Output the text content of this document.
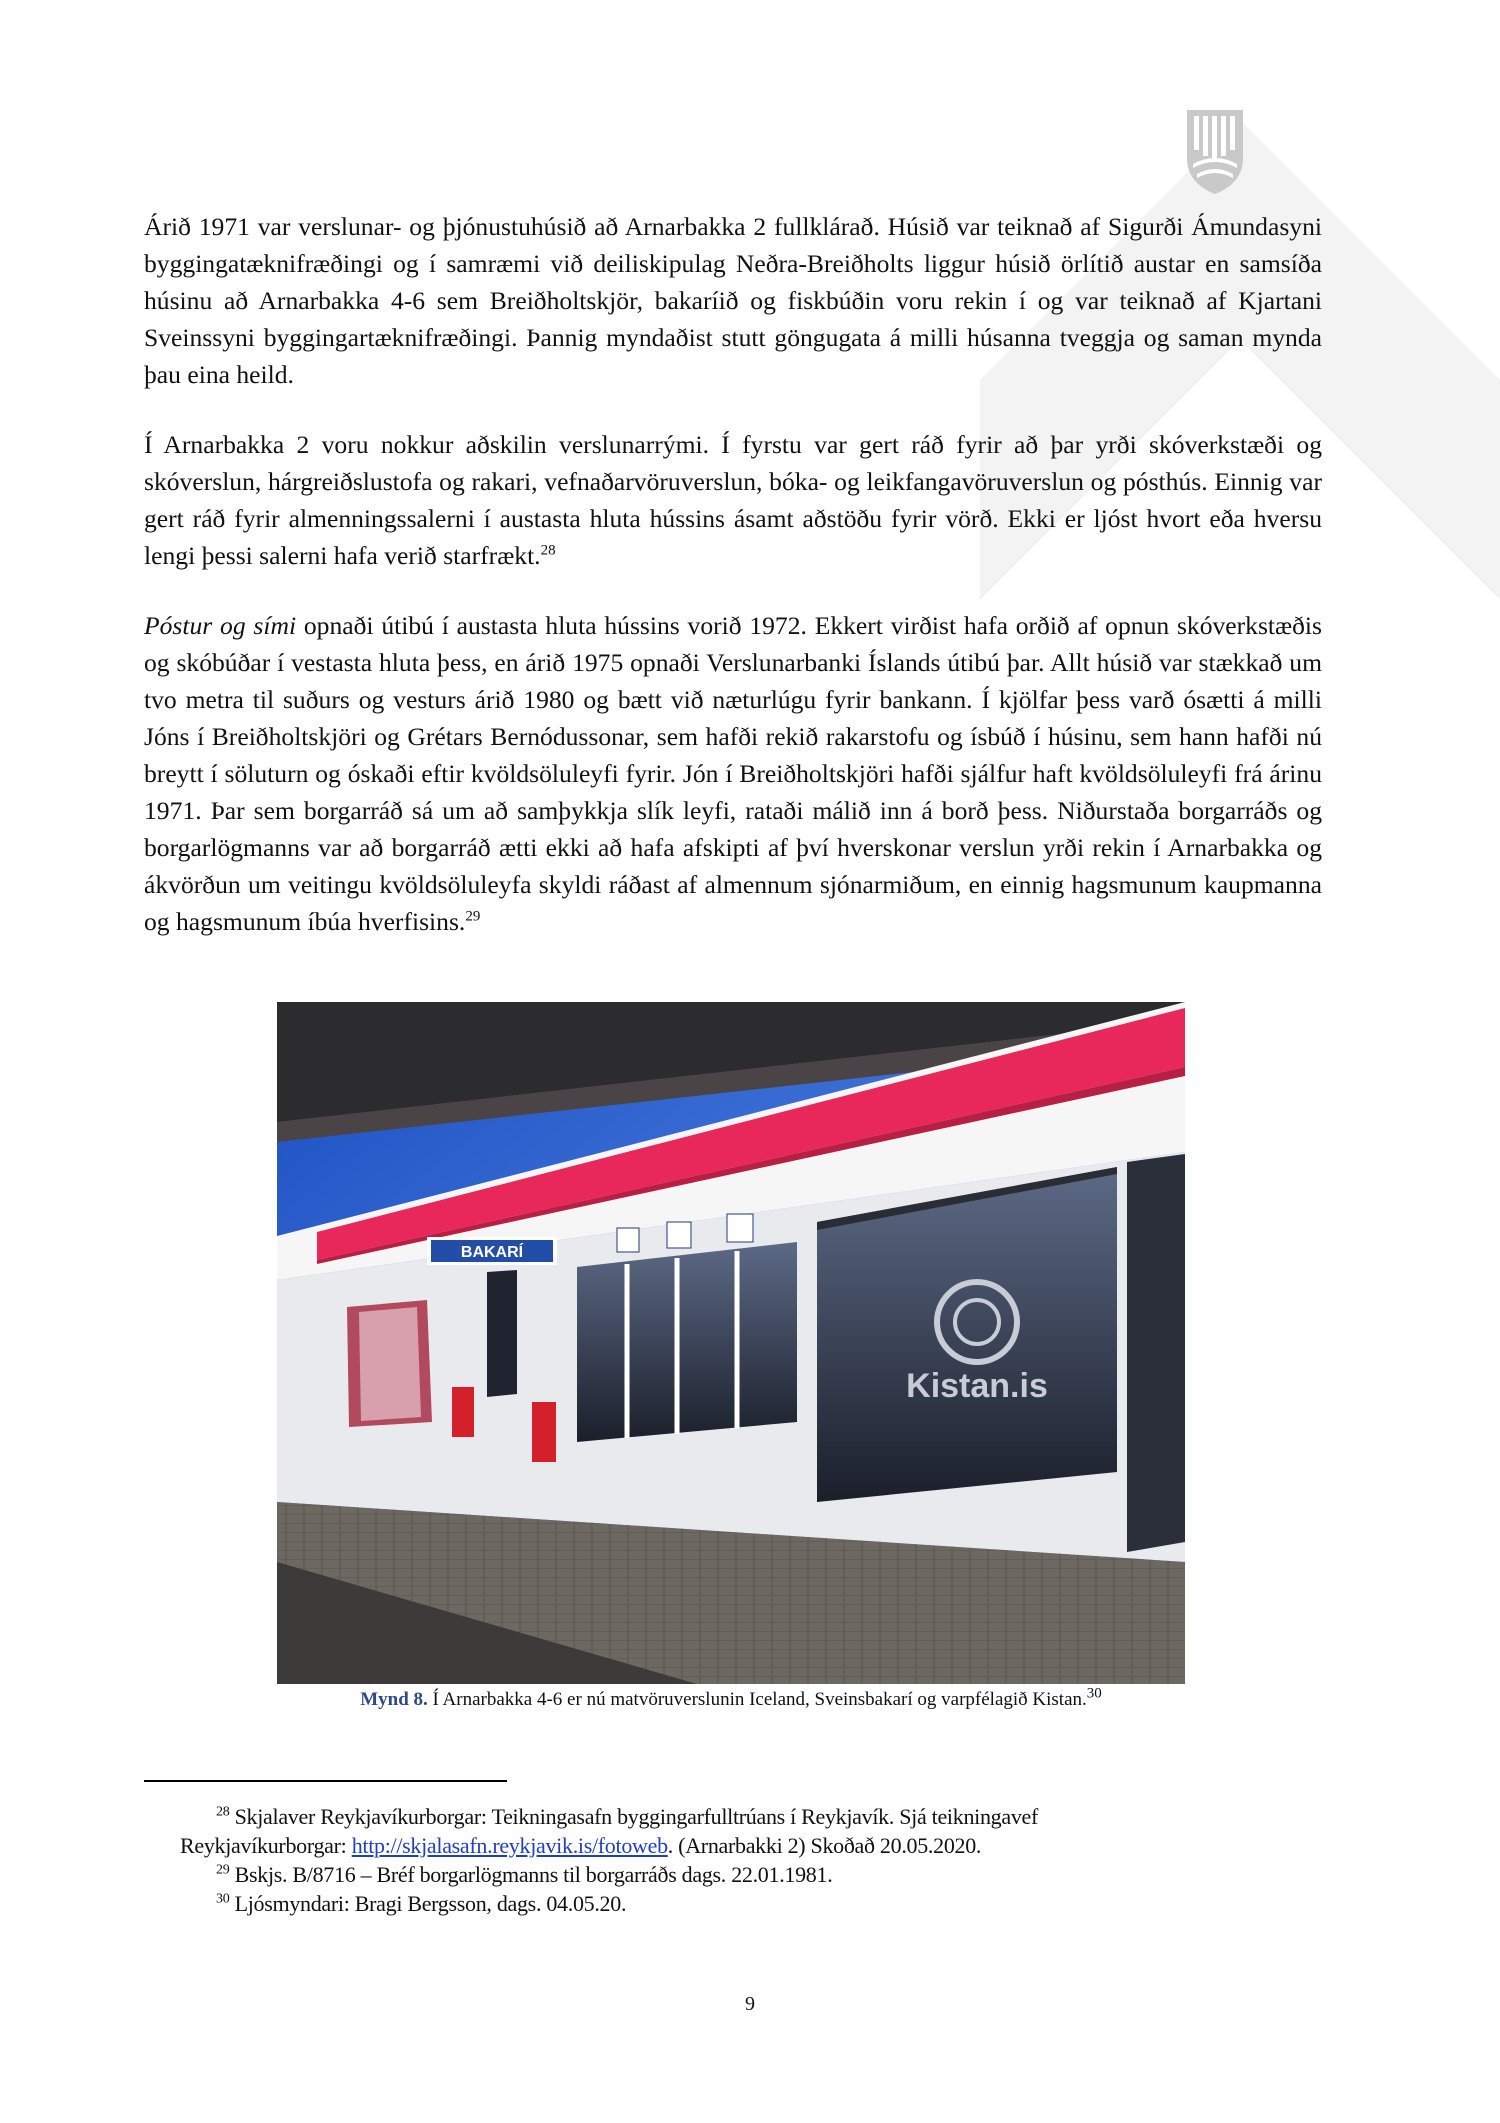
Árið 1971 var verslunar- og þjónustuhúsið að Arnarbakka 2 fullklárað. Húsið var teiknað af Sigurði Ámundasyni byggingatæknifræðingi og í samræmi við deiliskipulag Neðra-Breiðholts liggur húsið örlítið austar en samsíða húsinu að Arnarbakka 4-6 sem Breiðholtskjör, bakaríið og fiskbúðin voru rekin í og var teiknað af Kjartani Sveinssyni byggingartæknifræðingi. Þannig myndaðist stutt göngugata á milli húsanna tveggja og saman mynda þau eina heild.

Í Arnarbakka 2 voru nokkur aðskilin verslunarrými. Í fyrstu var gert ráð fyrir að þar yrði skóverkstæði og skóverslun, hárgreiðslustofa og rakari, vefnaðarvöruverslun, bóka- og leikfangavöruverslun og pósthús. Einnig var gert ráð fyrir almenningssalerni í austasta hluta hússins ásamt aðstöðu fyrir vörð. Ekki er ljóst hvort eða hversu lengi þessi salerni hafa verið starfrækt.$^{28}$

Póstur og sími opnaði útibú í austasta hluta hússins vorið 1972. Ekkert virðist hafa orðið af opnun skóverkstæðis og skóbúðar í vestasta hluta þess, en árið 1975 opnaði Verslunarbanki Íslands útibú þar. Allt húsið var stækkað um tvo metra til suðurs og vesturs árið 1980 og bætt við næturlúgu fyrir bankann. Í kjölfar þess varð ósætti á milli Jóns í Breiðholtskjöri og Grétars Bernódussonar, sem hafði rekið rakarstofu og ísbúð í húsinu, sem hann hafði nú breytt í söluturn og óskaði eftir kvöldsöluleyfi fyrir. Jón í Breiðholtskjöri hafði sjálfur haft kvöldsöluleyfi frá árinu 1971. Þar sem borgarráð sá um að samþykkja slík leyfi, rataði málið inn á borð þess. Niðurstaða borgarráðs og borgarlögmanns var að borgarráð ætti ekki að hafa afskipti af því hverskonar verslun yrði rekin í Arnarbakka og ákvörðun um veitingu kvöldsöluleyfa skyldi ráðast af almennum sjónarmiðum, en einnig hagsmunum kaupmanna og hagsmunum íbúa hverfisins.$^{29}$

BAKARÍ
Kistan.is
Mynd 8. Í Arnarbakka 4-6 er nú matvöruverslunin Iceland, Sveinsbakarí og varpfélagið Kistan.$^{30}$

$^{28}$ Skjalaver Reykjavíkurborgar: Teikningasafn byggingarfulltrúans í Reykjavík. Sjá teikningavef

Reykjavíkurborgar: http://skjalasafn.reykjavik.is/fotoweb. (Arnarbakki 2) Skoðað 20.05.2020.

$^{29}$ Bskjs. B/8716 – Bréf borgarlögmanns til borgarráðs dags. 22.01.1981.

$^{30}$ Ljósmyndari: Bragi Bergsson, dags. 04.05.20.

9
